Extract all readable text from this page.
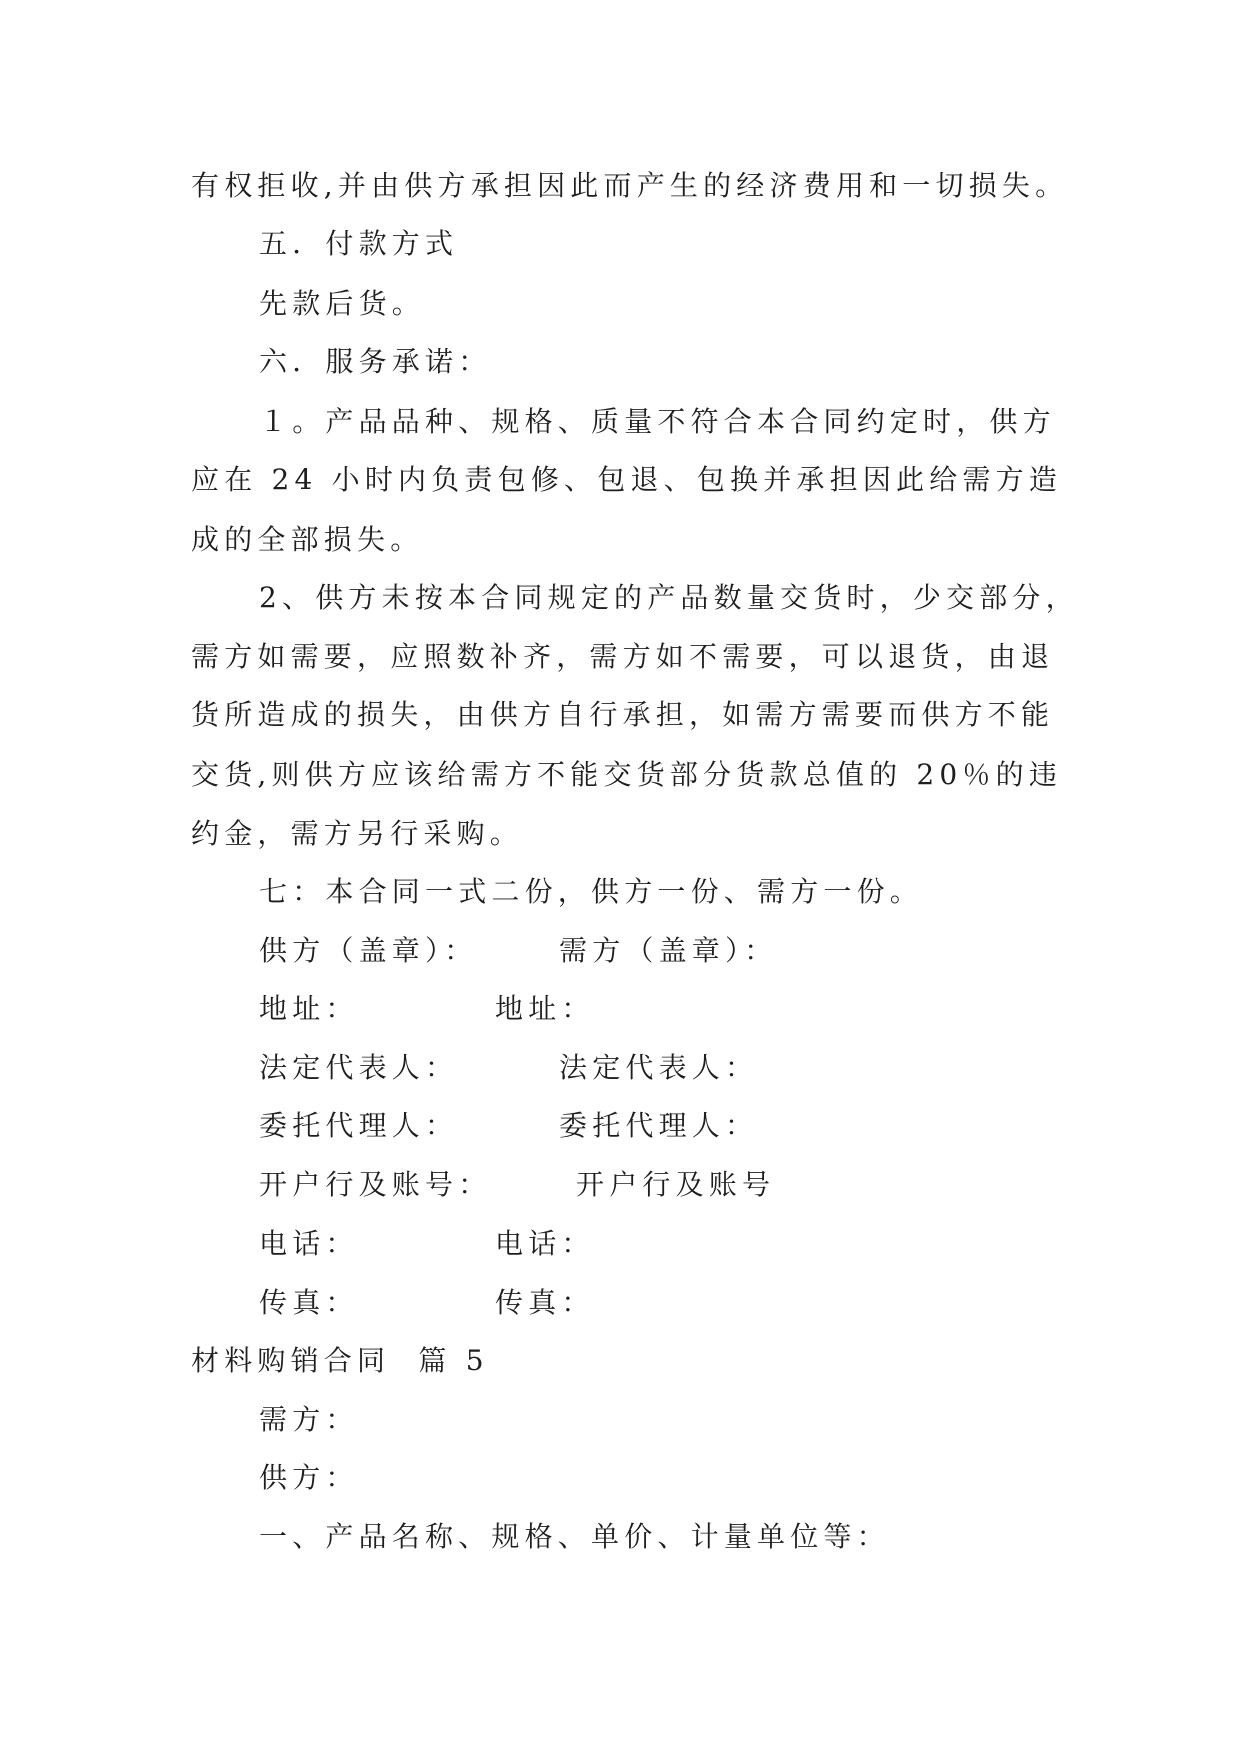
有权拒收,并由供方承担因此而产生的经济费用和一切损失。
五．付款方式
先款后货。
六．服务承诺：
１。产品品种、规格、质量不符合本合同约定时，供方
应在 24 小时内负责包修、包退、包换并承担因此给需方造
成的全部损失。
2、供方未按本合同规定的产品数量交货时，少交部分，
需方如需要，应照数补齐，需方如不需要，可以退货，由退
货所造成的损失，由供方自行承担，如需方需要而供方不能
交货,则供方应该给需方不能交货部分货款总值的 20％的违
约金，需方另行采购。
七：本合同一式二份，供方一份、需方一份。
供方（盖章）：	需方（盖章）：
地址：	地址：
法定代表人：	法定代表人：
委托代理人：	委托代理人：
开户行及账号：	开户行及账号
电话：	电话：
传真：	传真：
材料购销合同  篇 5
需方：
供方：
一、产品名称、规格、单价、计量单位等：
